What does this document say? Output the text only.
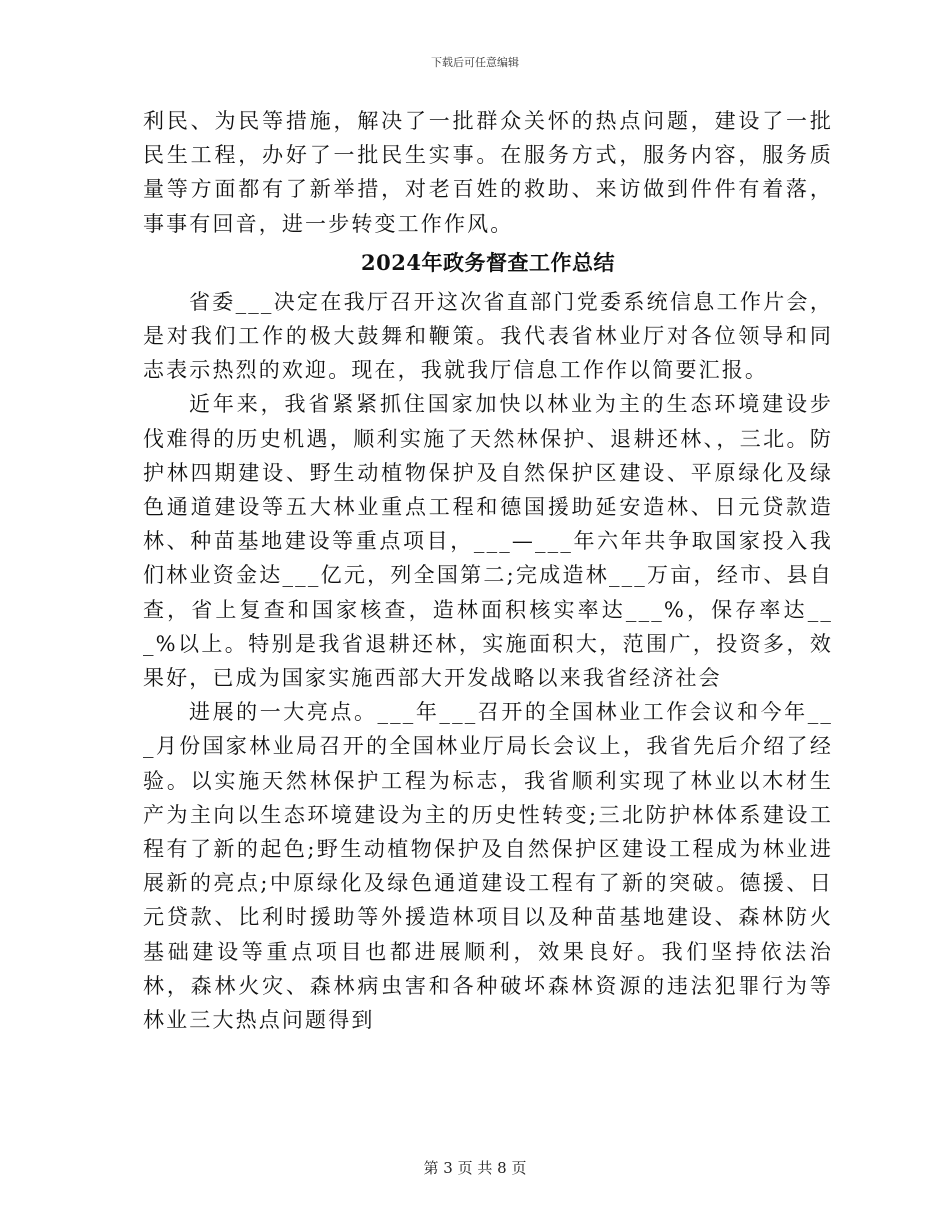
下载后可任意编辑

利民、为民等措施，解决了一批群众关怀的热点问题，建设了一批民生工程，办好了一批民生实事。在服务方式，服务内容，服务质量等方面都有了新举措，对老百姓的救助、来访做到件件有着落，事事有回音，进一步转变工作作风。

2024年政务督查工作总结

省委___决定在我厅召开这次省直部门党委系统信息工作片会，是对我们工作的极大鼓舞和鞭策。我代表省林业厅对各位领导和同志表示热烈的欢迎。现在，我就我厅信息工作作以简要汇报。

近年来，我省紧紧抓住国家加快以林业为主的生态环境建设步伐难得的历史机遇，顺利实施了天然林保护、退耕还林、，三北。防护林四期建设、野生动植物保护及自然保护区建设、平原绿化及绿色通道建设等五大林业重点工程和德国援助延安造林、日元贷款造林、种苗基地建设等重点项目，___—___年六年共争取国家投入我们林业资金达___亿元，列全国第二;完成造林___万亩，经市、县自查，省上复查和国家核查，造林面积核实率达___%，保存率达___%以上。特别是我省退耕还林，实施面积大，范围广，投资多，效果好，已成为国家实施西部大开发战略以来我省经济社会

进展的一大亮点。___年___召开的全国林业工作会议和今年___月份国家林业局召开的全国林业厅局长会议上，我省先后介绍了经验。以实施天然林保护工程为标志，我省顺利实现了林业以木材生产为主向以生态环境建设为主的历史性转变;三北防护林体系建设工程有了新的起色;野生动植物保护及自然保护区建设工程成为林业进展新的亮点;中原绿化及绿色通道建设工程有了新的突破。德援、日元贷款、比利时援助等外援造林项目以及种苗基地建设、森林防火基础建设等重点项目也都进展顺利，效果良好。我们坚持依法治林，森林火灾、森林病虫害和各种破坏森林资源的违法犯罪行为等林业三大热点问题得到

第 3 页 共 8 页
